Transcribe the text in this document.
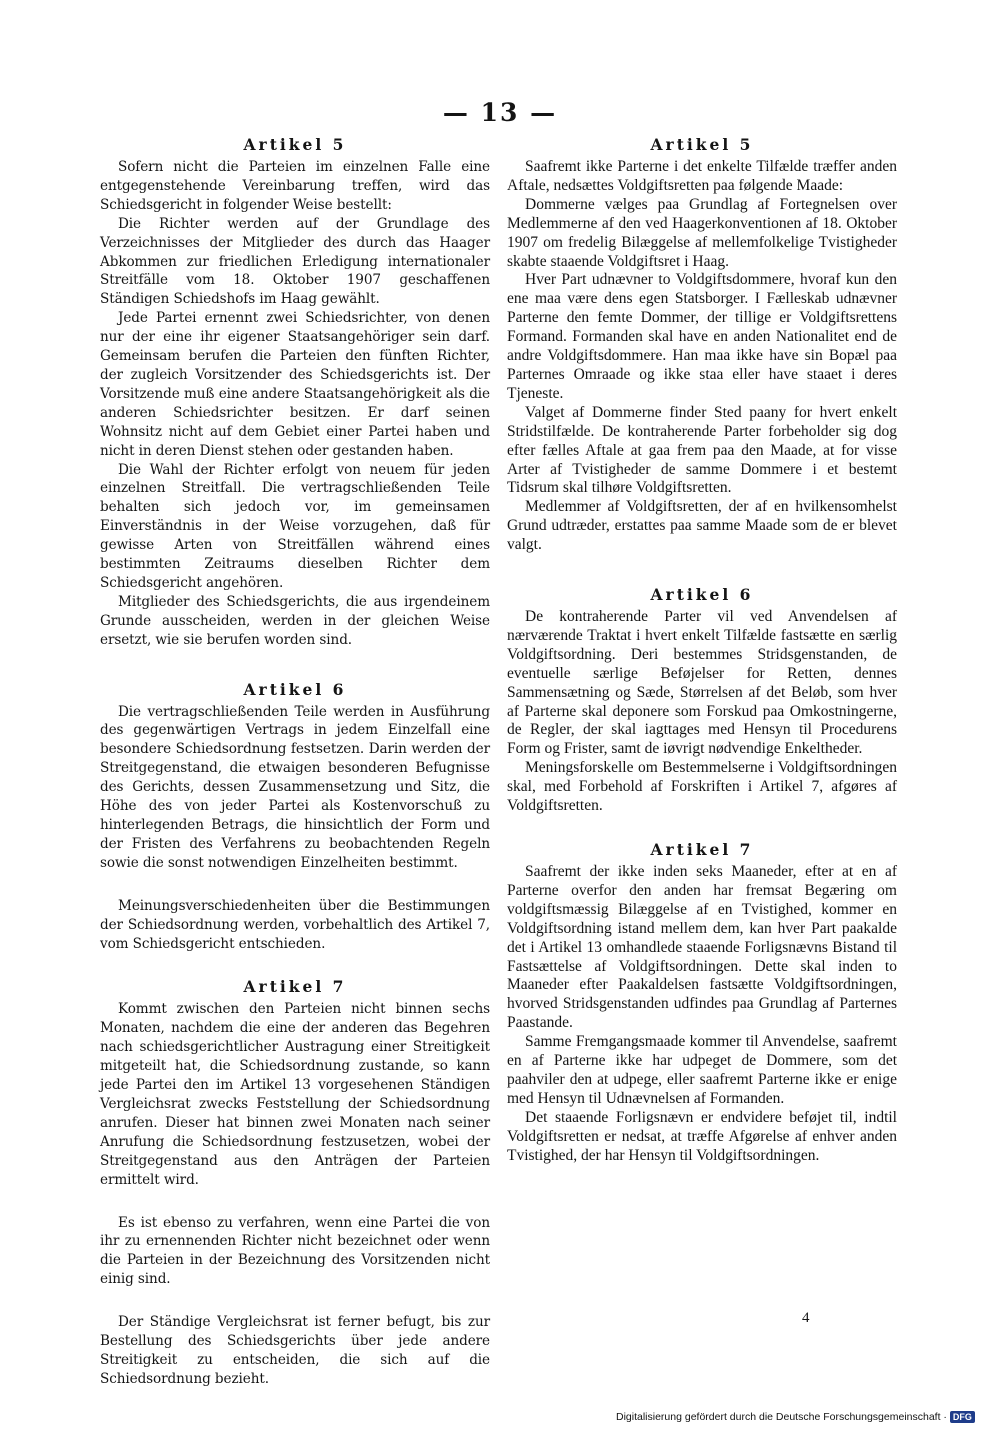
— 13 —
Artikel 5

Sofern nicht die Parteien im einzelnen Falle eine entgegenstehende Vereinbarung treffen, wird das Schiedsgericht in folgender Weise bestellt:

Die Richter werden auf der Grundlage des Verzeichnisses der Mitglieder des durch das Haager Abkommen zur friedlichen Erledigung internationaler Streitfälle vom 18. Oktober 1907 geschaffenen Ständigen Schiedshofs im Haag gewählt.

Jede Partei ernennt zwei Schiedsrichter, von denen nur der eine ihr eigener Staatsangehöriger sein darf. Gemeinsam berufen die Parteien den fünften Richter, der zugleich Vorsitzender des Schiedsgerichts ist. Der Vorsitzende muß eine andere Staatsangehörigkeit als die anderen Schiedsrichter besitzen. Er darf seinen Wohnsitz nicht auf dem Gebiet einer Partei haben und nicht in deren Dienst stehen oder gestanden haben.

Die Wahl der Richter erfolgt von neuem für jeden einzelnen Streitfall. Die vertragschließenden Teile behalten sich jedoch vor, im gemeinsamen Einverständnis in der Weise vorzugehen, daß für gewisse Arten von Streitfällen während eines bestimmten Zeitraums dieselben Richter dem Schiedsgericht angehören.

Mitglieder des Schiedsgerichts, die aus irgendeinem Grunde ausscheiden, werden in der gleichen Weise ersetzt, wie sie berufen worden sind.

Artikel 6

Die vertragschließenden Teile werden in Ausführung des gegenwärtigen Vertrags in jedem Einzelfall eine besondere Schiedsordnung festsetzen. Darin werden der Streitgegenstand, die etwaigen besonderen Befugnisse des Gerichts, dessen Zusammensetzung und Sitz, die Höhe des von jeder Partei als Kostenvorschuß zu hinterlegenden Betrags, die hinsichtlich der Form und der Fristen des Verfahrens zu beobachtenden Regeln sowie die sonst notwendigen Einzelheiten bestimmt.

Meinungsverschiedenheiten über die Bestimmungen der Schiedsordnung werden, vorbehaltlich des Artikel 7, vom Schiedsgericht entschieden.

Artikel 7

Kommt zwischen den Parteien nicht binnen sechs Monaten, nachdem die eine der anderen das Begehren nach schiedsgerichtlicher Austragung einer Streitigkeit mitgeteilt hat, die Schiedsordnung zustande, so kann jede Partei den im Artikel 13 vorgesehenen Ständigen Vergleichsrat zwecks Feststellung der Schiedsordnung anrufen. Dieser hat binnen zwei Monaten nach seiner Anrufung die Schiedsordnung festzusetzen, wobei der Streitgegenstand aus den Anträgen der Parteien ermittelt wird.

Es ist ebenso zu verfahren, wenn eine Partei die von ihr zu ernennenden Richter nicht bezeichnet oder wenn die Parteien in der Bezeichnung des Vorsitzenden nicht einig sind.

Der Ständige Vergleichsrat ist ferner befugt, bis zur Bestellung des Schiedsgerichts über jede andere Streitigkeit zu entscheiden, die sich auf die Schiedsordnung bezieht.

Artikel 5

Saafremt ikke Parterne i det enkelte Tilfælde træffer anden Aftale, nedsættes Voldgiftsretten paa følgende Maade:

Dommerne vælges paa Grundlag af Fortegnelsen over Medlemmerne af den ved Haagerkonventionen af 18. Oktober 1907 om fredelig Bilæggelse af mellemfolkelige Tvistigheder skabte staaende Voldgiftsret i Haag.

Hver Part udnævner to Voldgiftsdommere, hvoraf kun den ene maa være dens egen Statsborger. I Fælleskab udnævner Parterne den femte Dommer, der tillige er Voldgiftsrettens Formand. Formanden skal have en anden Nationalitet end de andre Voldgiftsdommere. Han maa ikke have sin Bopæl paa Parternes Omraade og ikke staa eller have staaet i deres Tjeneste.

Valget af Dommerne finder Sted paany for hvert enkelt Stridstilfælde. De kontraherende Parter forbeholder sig dog efter fælles Aftale at gaa frem paa den Maade, at for visse Arter af Tvistigheder de samme Dommere i et bestemt Tidsrum skal tilhøre Voldgiftsretten.

Medlemmer af Voldgiftsretten, der af en hvilkensomhelst Grund udtræder, erstattes paa samme Maade som de er blevet valgt.

Artikel 6

De kontraherende Parter vil ved Anvendelsen af nærværende Traktat i hvert enkelt Tilfælde fastsætte en særlig Voldgiftsordning. Deri bestemmes Stridsgenstanden, de eventuelle særlige Beføjelser for Retten, dennes Sammensætning og Sæde, Størrelsen af det Beløb, som hver af Parterne skal deponere som Forskud paa Omkostningerne, de Regler, der skal iagttages med Hensyn til Procedurens Form og Frister, samt de iøvrigt nødvendige Enkeltheder.

Meningsforskelle om Bestemmelserne i Voldgiftsordningen skal, med Forbehold af Forskriften i Artikel 7, afgøres af Voldgiftsretten.

Artikel 7

Saafremt der ikke inden seks Maaneder, efter at en af Parterne overfor den anden har fremsat Begæring om voldgiftsmæssig Bilæggelse af en Tvistighed, kommer en Voldgiftsordning istand mellem dem, kan hver Part paakalde det i Artikel 13 omhandlede staaende Forligsnævns Bistand til Fastsættelse af Voldgiftsordningen. Dette skal inden to Maaneder efter Paakaldelsen fastsætte Voldgiftsordningen, hvorved Stridsgenstanden udfindes paa Grundlag af Parternes Paastande.

Samme Fremgangsmaade kommer til Anvendelse, saafremt en af Parterne ikke har udpeget de Dommere, som det paahviler den at udpege, eller saafremt Parterne ikke er enige med Hensyn til Udnævnelsen af Formanden.

Det staaende Forligsnævn er endvidere beføjet til, indtil Voldgiftsretten er nedsat, at træffe Afgørelse af enhver anden Tvistighed, der har Hensyn til Voldgiftsordningen.

4
Digitalisierung gefördert durch die Deutsche Forschungsgemeinschaft · DFG
